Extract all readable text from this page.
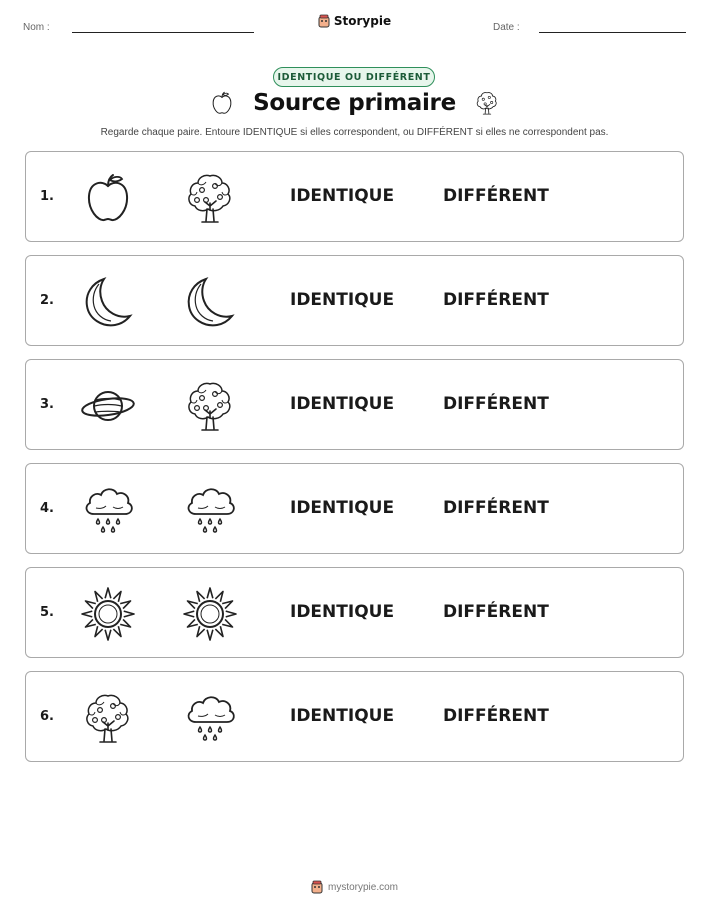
Nom :	Storypie	Date :
IDENTIQUE OU DIFFÉRENT
Source primaire
Regarde chaque paire. Entoure IDENTIQUE si elles correspondent, ou DIFFÉRENT si elles ne correspondent pas.
1.	IDENTIQUE	DIFFÉRENT
2.	IDENTIQUE	DIFFÉRENT
3.	IDENTIQUE	DIFFÉRENT
4.	IDENTIQUE	DIFFÉRENT
5.	IDENTIQUE	DIFFÉRENT
6.	IDENTIQUE	DIFFÉRENT
mystorypie.com
